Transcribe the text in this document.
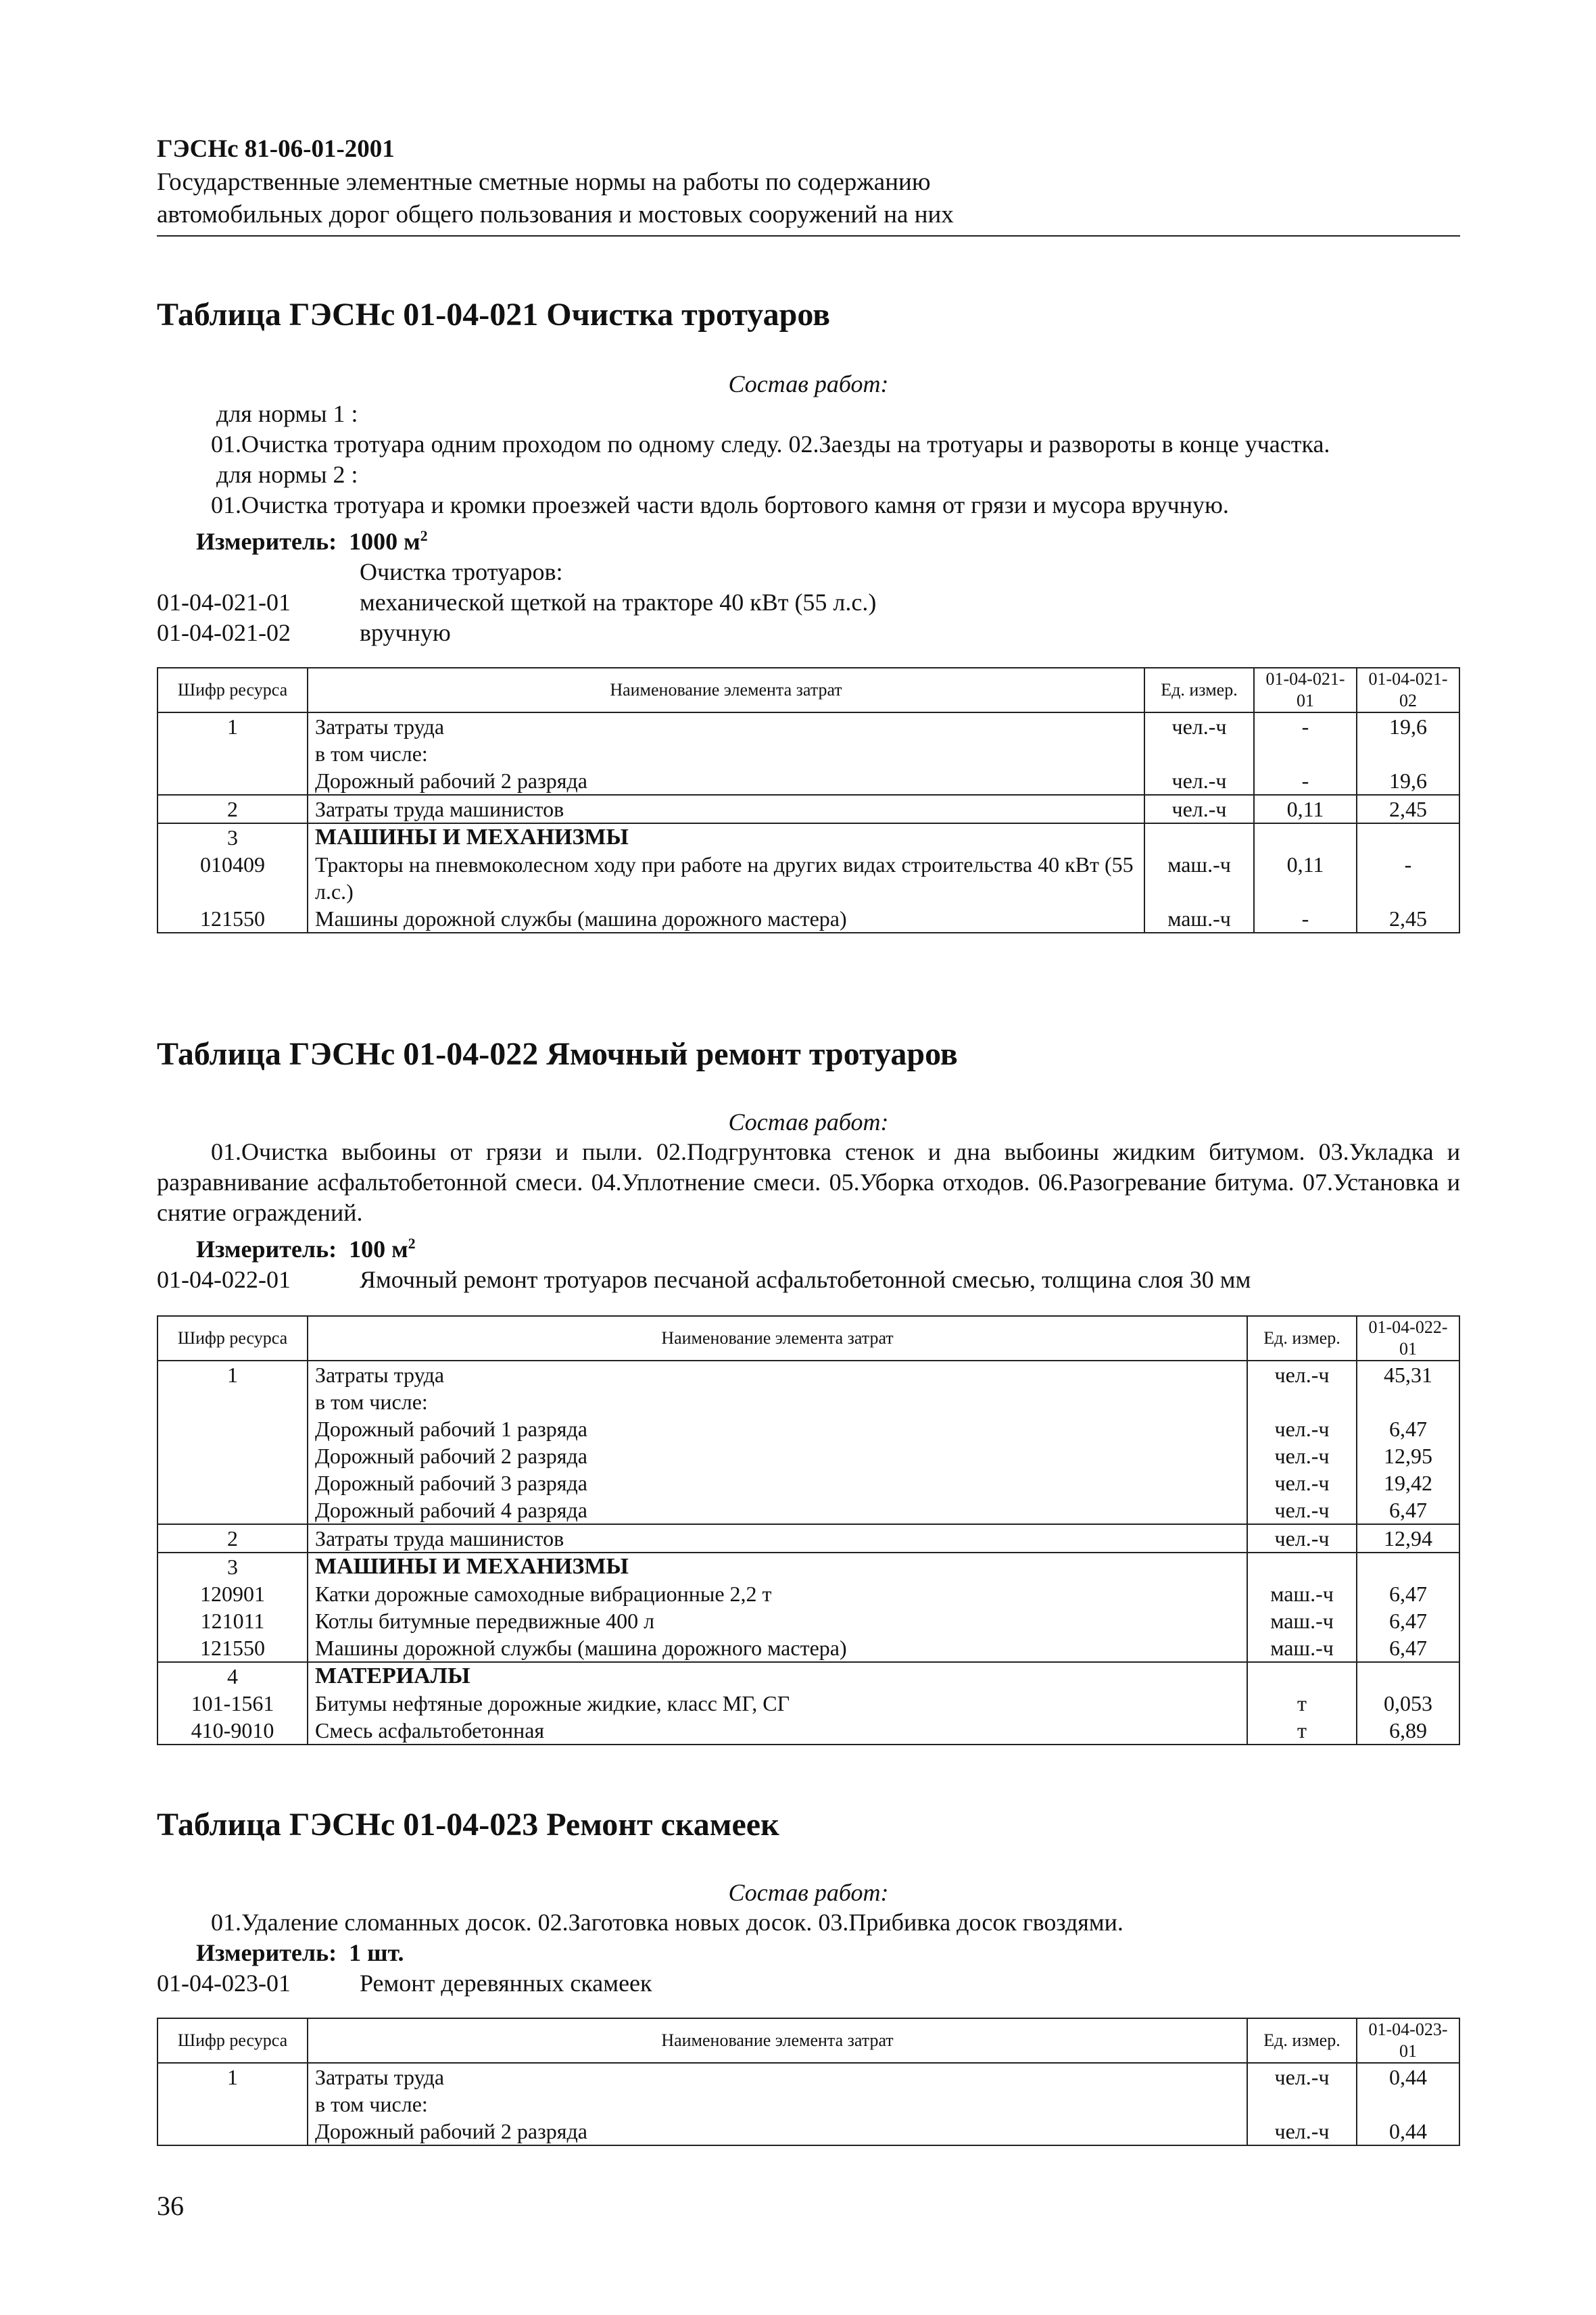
ГЭСНс 81-06-01-2001
Государственные элементные сметные нормы на работы по содержанию
автомобильных дорог общего пользования и мостовых сооружений на них
Таблица ГЭСНс 01-04-021 Очистка тротуаров
Состав работ:
для нормы 1 :
01.Очистка тротуара одним проходом по одному следу. 02.Заезды на тротуары и развороты в конце участка.
для нормы 2 :
01.Очистка тротуара и кромки проезжей части вдоль бортового камня от грязи и мусора вручную.
Измеритель: 1000 $м^2$
Очистка тротуаров:
01-04-021-01	механической щеткой на тракторе 40 кВт (55 л.с.)
01-04-021-02	вручную
Шифр ресурса	Наименование элемента затрат	Ед. измер.	01-04-021-01	01-04-021-02
1	Затраты труда	чел.-ч	-	19,6
	в том числе:			
	Дорожный рабочий 2 разряда	чел.-ч	-	19,6
2	Затраты труда машинистов	чел.-ч	0,11	2,45
3	МАШИНЫ И МЕХАНИЗМЫ			
010409	Тракторы на пневмоколесном ходу при работе на других видах строительства 40 кВт (55 л.с.)	маш.-ч	0,11	-
121550	Машины дорожной службы (машина дорожного мастера)	маш.-ч	-	2,45
Таблица ГЭСНс 01-04-022 Ямочный ремонт тротуаров
Состав работ:
01.Очистка выбоины от грязи и пыли. 02.Подгрунтовка стенок и дна выбоины жидким битумом. 03.Укладка и разравнивание асфальтобетонной смеси. 04.Уплотнение смеси. 05.Уборка отходов. 06.Разогревание битума. 07.Установка и снятие ограждений.
Измеритель: 100 $м^2$
01-04-022-01	Ямочный ремонт тротуаров песчаной асфальтобетонной смесью, толщина слоя 30 мм
Шифр ресурса	Наименование элемента затрат	Ед. измер.	01-04-022-01
1	Затраты труда	чел.-ч	45,31
	в том числе:		
	Дорожный рабочий 1 разряда	чел.-ч	6,47
	Дорожный рабочий 2 разряда	чел.-ч	12,95
	Дорожный рабочий 3 разряда	чел.-ч	19,42
	Дорожный рабочий 4 разряда	чел.-ч	6,47
2	Затраты труда машинистов	чел.-ч	12,94
3	МАШИНЫ И МЕХАНИЗМЫ		
120901	Катки дорожные самоходные вибрационные 2,2 т	маш.-ч	6,47
121011	Котлы битумные передвижные 400 л	маш.-ч	6,47
121550	Машины дорожной службы (машина дорожного мастера)	маш.-ч	6,47
4	МАТЕРИАЛЫ		
101-1561	Битумы нефтяные дорожные жидкие, класс МГ, СГ	т	0,053
410-9010	Смесь асфальтобетонная	т	6,89
Таблица ГЭСНс 01-04-023 Ремонт скамеек
Состав работ:
01.Удаление сломанных досок. 02.Заготовка новых досок. 03.Прибивка досок гвоздями.
Измеритель: 1 шт.
01-04-023-01	Ремонт деревянных скамеек
Шифр ресурса	Наименование элемента затрат	Ед. измер.	01-04-023-01
1	Затраты труда	чел.-ч	0,44
	в том числе:		
	Дорожный рабочий 2 разряда	чел.-ч	0,44
36
